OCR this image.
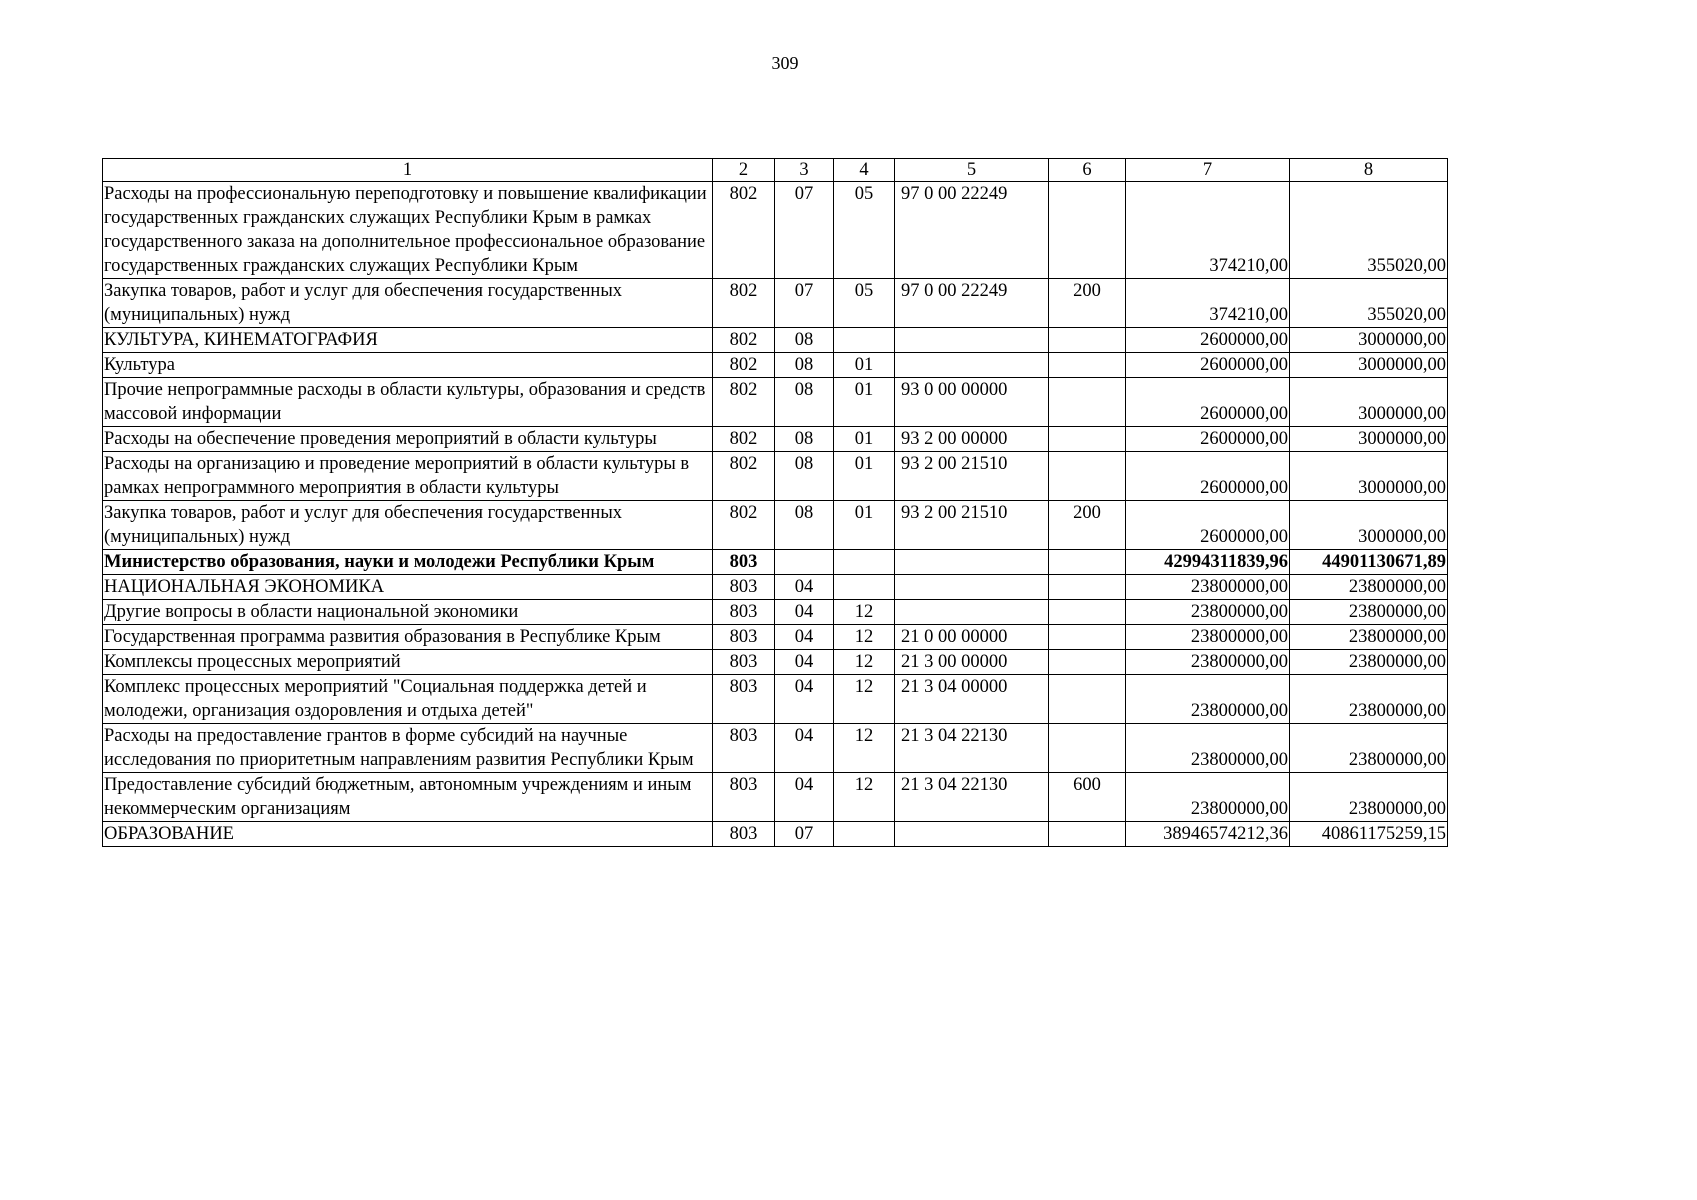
309
1	2	3	4	5	6	7	8
Расходы на профессиональную переподготовку и повышение квалификации государственных гражданских служащих Республики Крым в рамках государственного заказа на дополнительное профессиональное образование государственных гражданских служащих Республики Крым	802	07	05	97 0 00 22249		374210,00	355020,00
Закупка товаров, работ и услуг для обеспечения государственных (муниципальных) нужд	802	07	05	97 0 00 22249	200	374210,00	355020,00
КУЛЬТУРА, КИНЕМАТОГРАФИЯ	802	08				2600000,00	3000000,00
Культура	802	08	01			2600000,00	3000000,00
Прочие непрограммные расходы в области культуры, образования и средств массовой информации	802	08	01	93 0 00 00000		2600000,00	3000000,00
Расходы на обеспечение проведения мероприятий в области культуры	802	08	01	93 2 00 00000		2600000,00	3000000,00
Расходы на организацию и проведение мероприятий в области культуры в рамках непрограммного мероприятия в области культуры	802	08	01	93 2 00 21510		2600000,00	3000000,00
Закупка товаров, работ и услуг для обеспечения государственных (муниципальных) нужд	802	08	01	93 2 00 21510	200	2600000,00	3000000,00
Министерство образования, науки и молодежи Республики Крым	803					42994311839,96	44901130671,89
НАЦИОНАЛЬНАЯ ЭКОНОМИКА	803	04				23800000,00	23800000,00
Другие вопросы в области национальной экономики	803	04	12			23800000,00	23800000,00
Государственная программа развития образования в Республике Крым	803	04	12	21 0 00 00000		23800000,00	23800000,00
Комплексы процессных мероприятий	803	04	12	21 3 00 00000		23800000,00	23800000,00
Комплекс процессных мероприятий "Социальная поддержка детей и молодежи, организация оздоровления и отдыха детей"	803	04	12	21 3 04 00000		23800000,00	23800000,00
Расходы на предоставление грантов в форме субсидий на научные исследования по приоритетным направлениям развития Республики Крым	803	04	12	21 3 04 22130		23800000,00	23800000,00
Предоставление субсидий бюджетным, автономным учреждениям и иным некоммерческим организациям	803	04	12	21 3 04 22130	600	23800000,00	23800000,00
ОБРАЗОВАНИЕ	803	07				38946574212,36	40861175259,15
